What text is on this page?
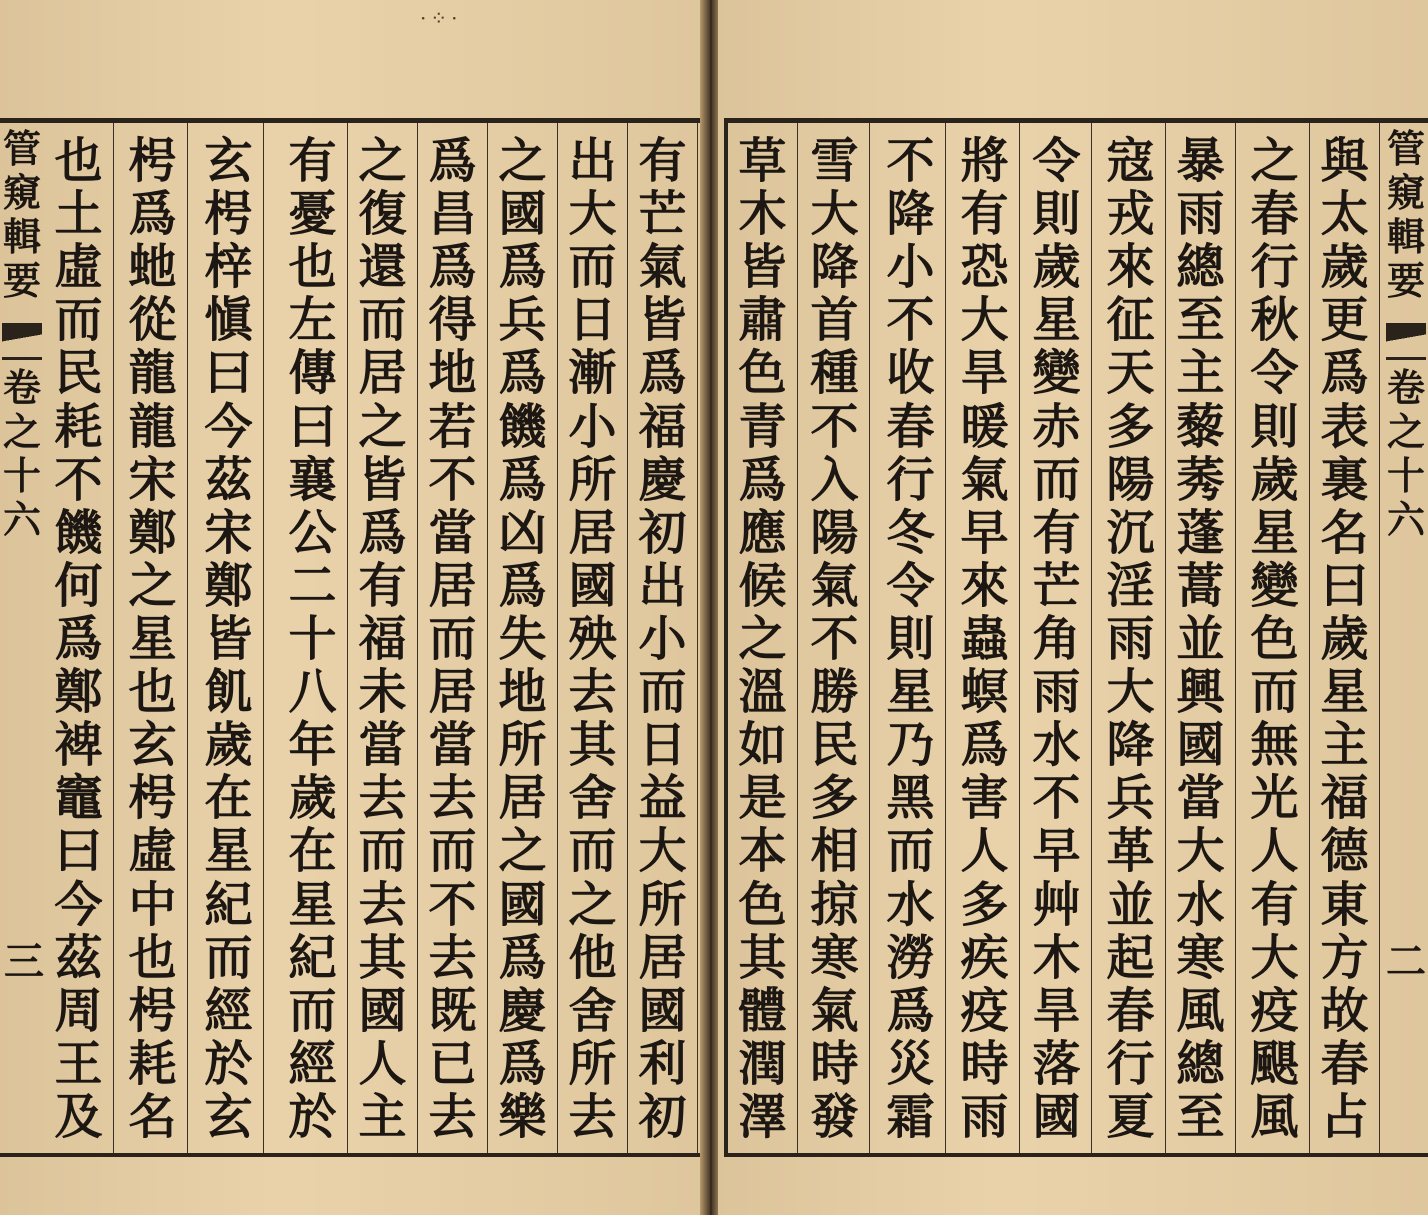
有
芒
氣
皆
爲
福
慶
初
出
小
而
日
益
大
所
居
國
利
初
出
大
而
日
漸
小
所
居
國
殃
去
其
舍
而
之
他
舍
所
去
之
國
爲
兵
爲
饑
爲
凶
爲
失
地
所
居
之
國
爲
慶
爲
樂
爲
昌
爲
得
地
若
不
當
居
而
居
當
去
而
不
去
既
已
去
之
復
還
而
居
之
皆
爲
有
福
未
當
去
而
去
其
國
人
主
有
憂
也
左
傳
曰
襄
公
二
十
八
年
歲
在
星
紀
而
經
於
玄
枵
梓
愼
曰
今
茲
宋
鄭
皆
飢
歲
在
星
紀
而
經
於
玄
枵
爲
虵
從
龍
龍
宋
鄭
之
星
也
玄
枵
虛
中
也
枵
耗
名
也
土
虛
而
民
耗
不
饑
何
爲
鄭
裨
竈
曰
今
茲
周
王
及
管
窺
輯
要
卷
之
十
六
三
·⁘·
草
木
皆
肅
色
青
爲
應
候
之
溫
如
是
本
色
其
體
潤
澤
雪
大
降
首
種
不
入
陽
氣
不
勝
民
多
相
掠
寒
氣
時
發
不
降
小
不
收
春
行
冬
令
則
星
乃
黑
而
水
澇
爲
災
霜
將
有
恐
大
旱
暖
氣
早
來
蟲
螟
爲
害
人
多
疾
疫
時
雨
令
則
歲
星
變
赤
而
有
芒
角
雨
水
不
早
艸
木
旱
落
國
寇
戎
來
征
天
多
陽
沉
淫
雨
大
降
兵
革
並
起
春
行
夏
暴
雨
總
至
主
藜
莠
蓬
蒿
並
興
國
當
大
水
寒
風
總
至
之
春
行
秋
令
則
歲
星
變
色
而
無
光
人
有
大
疫
颶
風
與
太
歲
更
爲
表
裏
名
曰
歲
星
主
福
德
東
方
故
春
占
管
窺
輯
要
卷
之
十
六
二
